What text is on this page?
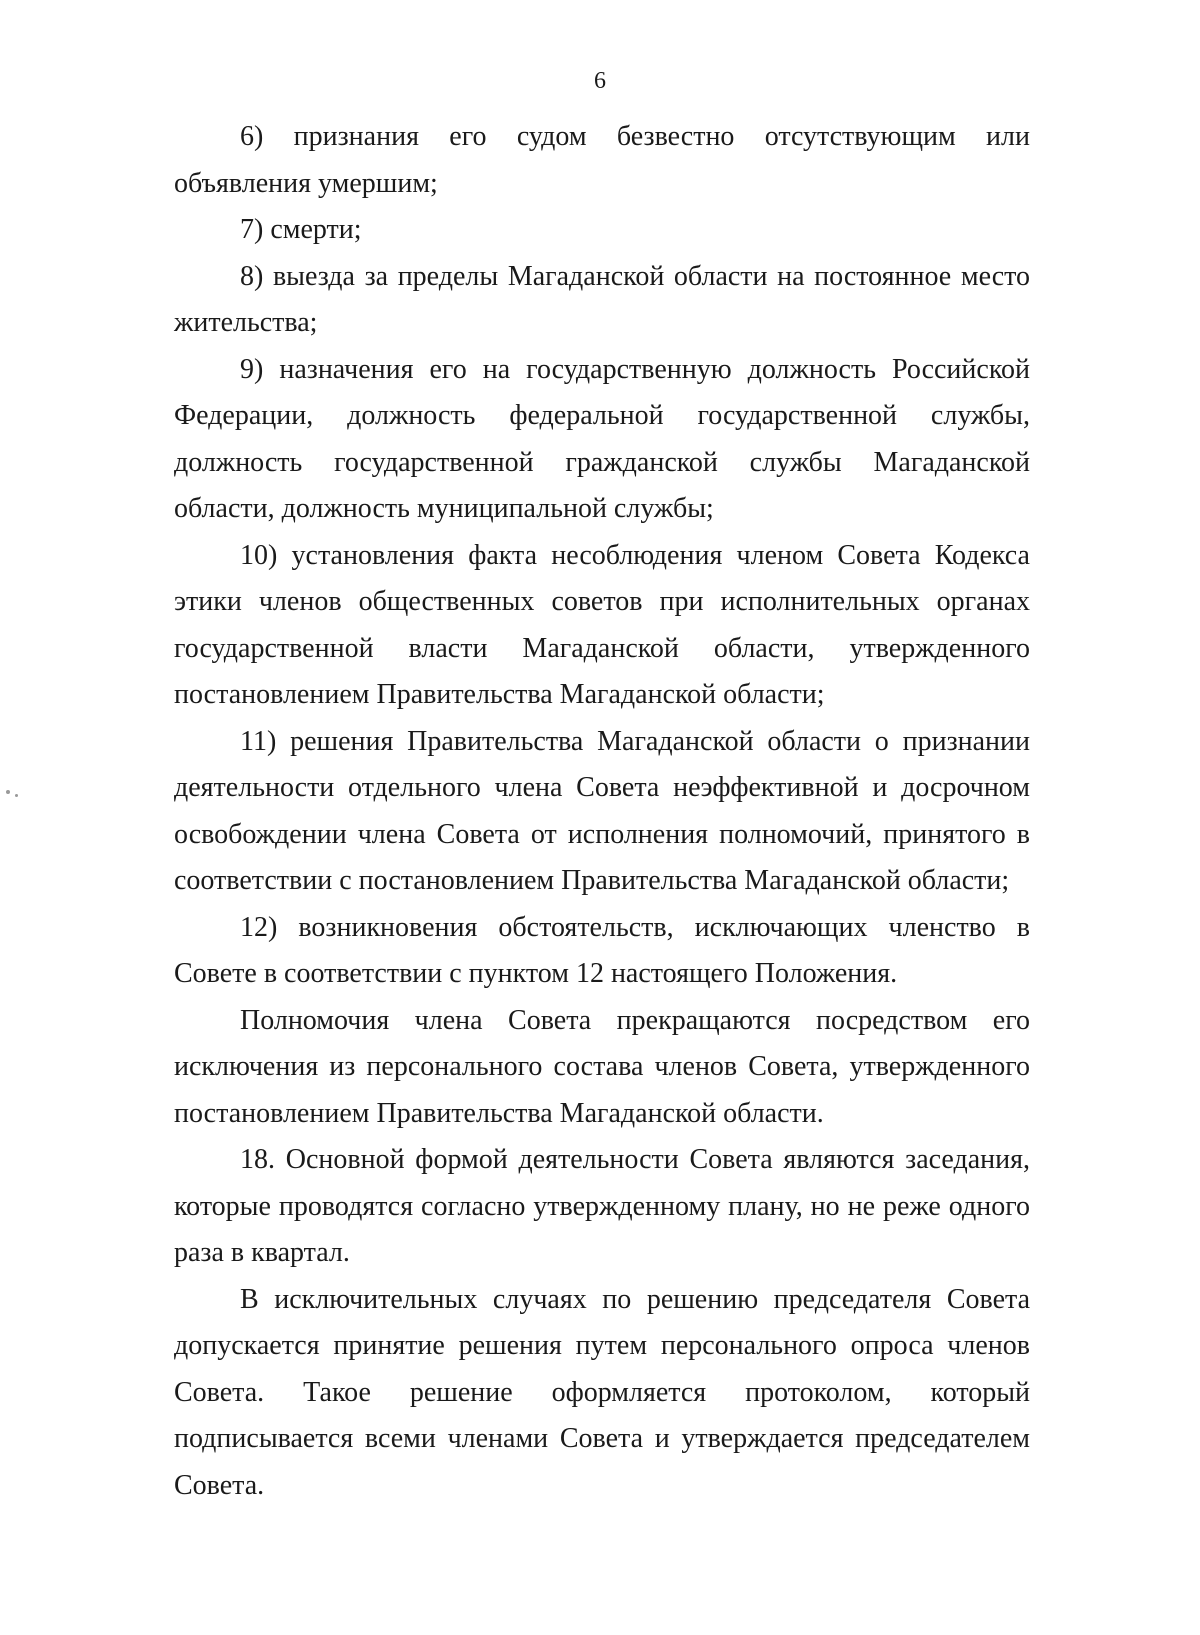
6

6) признания его судом безвестно отсутствующим или объявления умершим;

7) смерти;

8) выезда за пределы Магаданской области на постоянное место жительства;

9) назначения его на государственную должность Российской Федерации, должность федеральной государственной службы, должность государственной гражданской службы Магаданской области, должность муниципальной службы;

10) установления факта несоблюдения членом Совета Кодекса этики членов общественных советов при исполнительных органах государственной власти Магаданской области, утвержденного постановлением Правительства Магаданской области;

11) решения Правительства Магаданской области о признании деятельности отдельного члена Совета неэффективной и досрочном освобождении члена Совета от исполнения полномочий, принятого в соответствии с постановлением Правительства Магаданской области;

12) возникновения обстоятельств, исключающих членство в Совете в соответствии с пунктом 12 настоящего Положения.

Полномочия члена Совета прекращаются посредством его исключения из персонального состава членов Совета, утвержденного постановлением Правительства Магаданской области.

18. Основной формой деятельности Совета являются заседания, которые проводятся согласно утвержденному плану, но не реже одного раза в квартал.

В исключительных случаях по решению председателя Совета допускается принятие решения путем персонального опроса членов Совета. Такое решение оформляется протоколом, который подписывается всеми членами Совета и утверждается председателем Совета.
